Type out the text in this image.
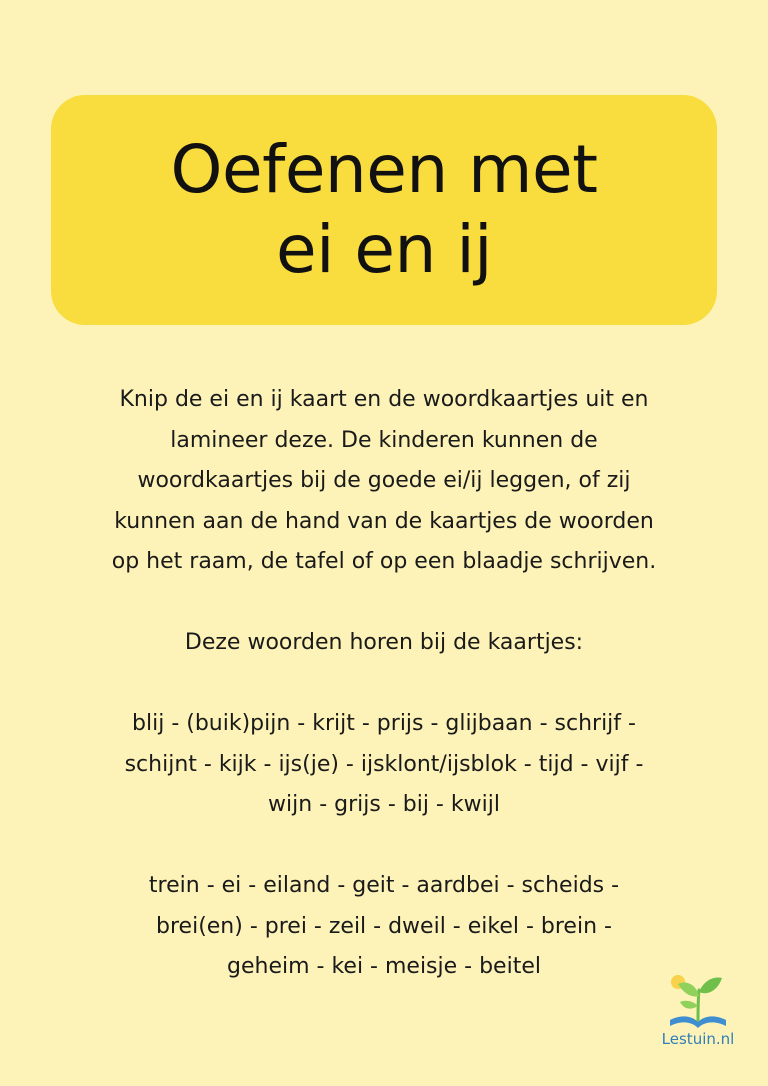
Oefenen met
ei en ij

Knip de ei en ij kaart en de woordkaartjes uit en
lamineer deze. De kinderen kunnen de
woordkaartjes bij de goede ei/ij leggen, of zij
kunnen aan de hand van de kaartjes de woorden
op het raam, de tafel of op een blaadje schrijven.

Deze woorden horen bij de kaartjes:

blij - (buik)pijn - krijt - prijs - glijbaan - schrijf -
schijnt - kijk - ijs(je) - ijsklont/ijsblok - tijd - vijf -
wijn - grijs - bij - kwijl

trein - ei - eiland - geit - aardbei - scheids -
brei(en) - prei - zeil - dweil - eikel - brein -
geheim - kei - meisje - beitel

Lestuin.nl
